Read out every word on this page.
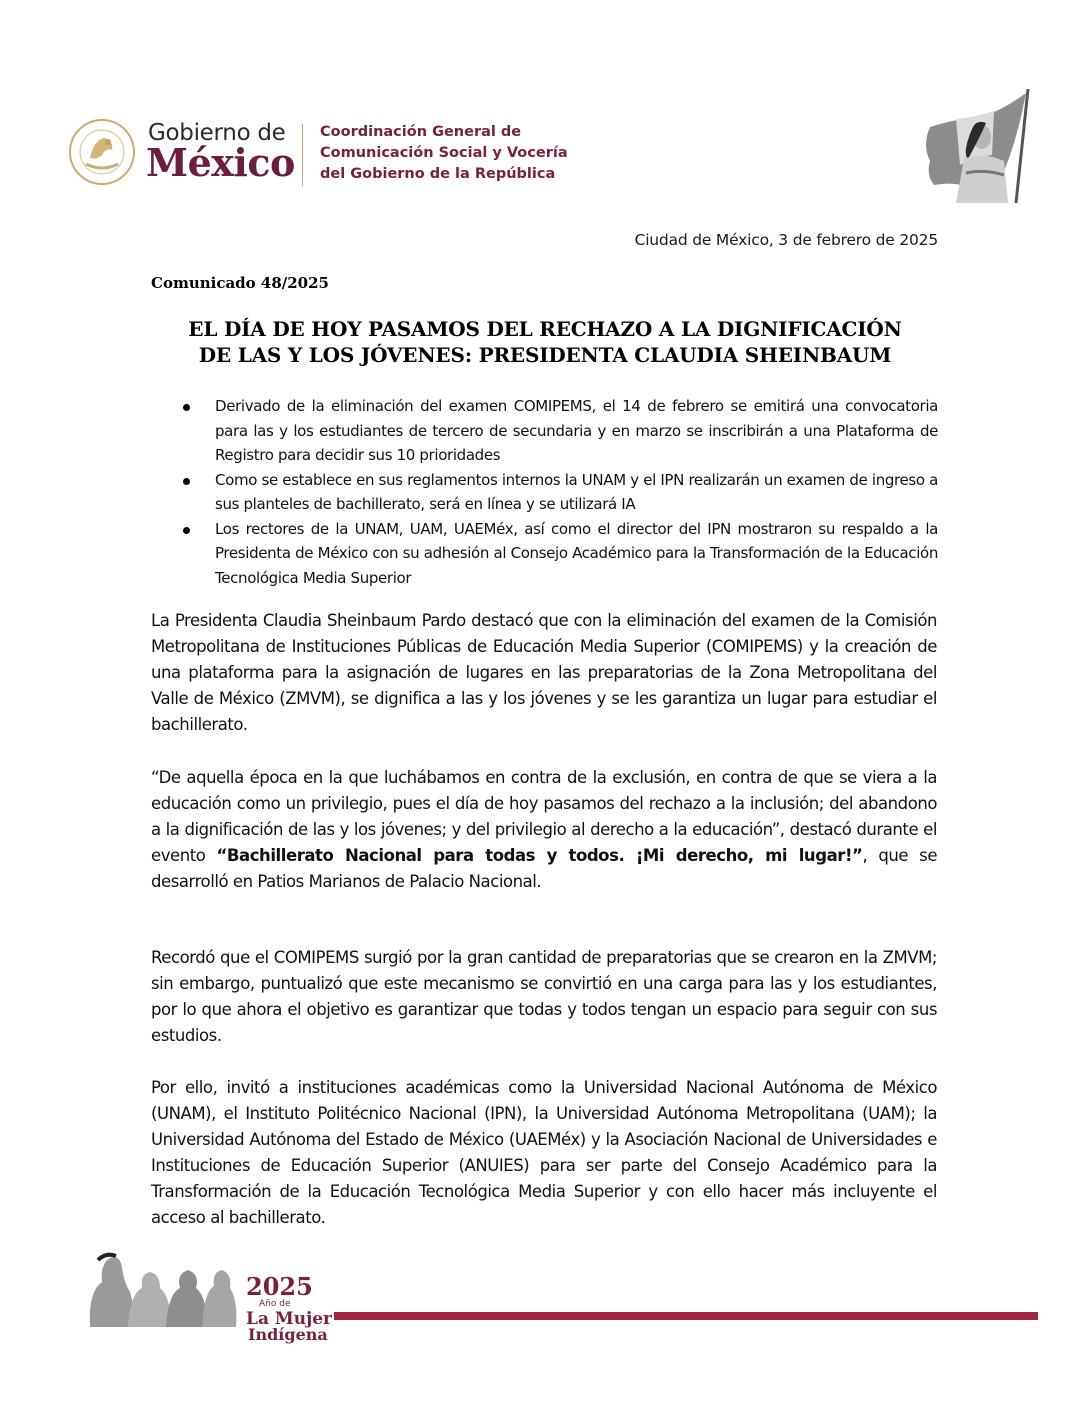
Gobierno de
México
Coordinación General de
Comunicación Social y Vocería
del Gobierno de la República
Ciudad de México, 3 de febrero de 2025
Comunicado 48/2025
EL DÍA DE HOY PASAMOS DEL RECHAZO A LA DIGNIFICACIÓN
DE LAS Y LOS JÓVENES: PRESIDENTA CLAUDIA SHEINBAUM
Derivado de la eliminación del examen COMIPEMS, el 14 de febrero se emitirá una convocatoria para las y los estudiantes de tercero de secundaria y en marzo se inscribirán a una Plataforma de Registro para decidir sus 10 prioridades
Como se establece en sus reglamentos internos la UNAM y el IPN realizarán un examen de ingreso a sus planteles de bachillerato, será en línea y se utilizará IA
Los rectores de la UNAM, UAM, UAEMéx, así como el director del IPN mostraron su respaldo a la Presidenta de México con su adhesión al Consejo Académico para la Transformación de la Educación Tecnológica Media Superior

La Presidenta Claudia Sheinbaum Pardo destacó que con la eliminación del examen de la Comisión Metropolitana de Instituciones Públicas de Educación Media Superior (COMIPEMS) y la creación de una plataforma para la asignación de lugares en las preparatorias de la Zona Metropolitana del Valle de México (ZMVM), se dignifica a las y los jóvenes y se les garantiza un lugar para estudiar el bachillerato.

“De aquella época en la que luchábamos en contra de la exclusión, en contra de que se viera a la educación como un privilegio, pues el día de hoy pasamos del rechazo a la inclusión; del abandono a la dignificación de las y los jóvenes; y del privilegio al derecho a la educación”, destacó durante el evento “Bachillerato Nacional para todas y todos. ¡Mi derecho, mi lugar!”, que se desarrolló en Patios Marianos de Palacio Nacional.

Recordó que el COMIPEMS surgió por la gran cantidad de preparatorias que se crearon en la ZMVM; sin embargo, puntualizó que este mecanismo se convirtió en una carga para las y los estudiantes, por lo que ahora el objetivo es garantizar que todas y todos tengan un espacio para seguir con sus estudios.

Por ello, invitó a instituciones académicas como la Universidad Nacional Autónoma de México (UNAM), el Instituto Politécnico Nacional (IPN), la Universidad Autónoma Metropolitana (UAM); la Universidad Autónoma del Estado de México (UAEMéx) y la Asociación Nacional de Universidades e Instituciones de Educación Superior (ANUIES) para ser parte del Consejo Académico para la Transformación de la Educación Tecnológica Media Superior y con ello hacer más incluyente el acceso al bachillerato.

2025
Año de
La Mujer
Indígena
